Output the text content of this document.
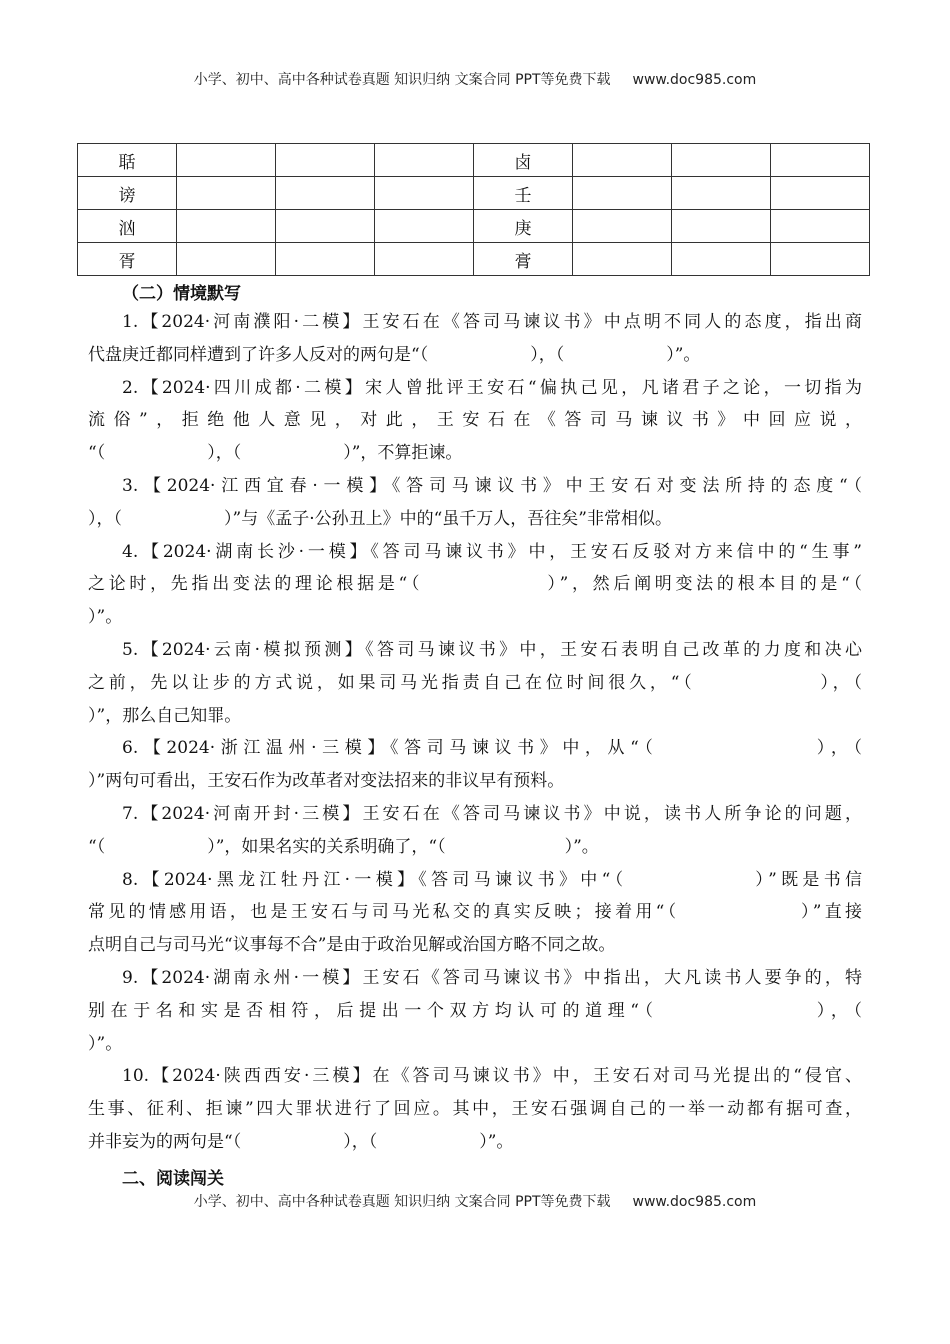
小学、初中、高中各种试卷真题 知识归纳 文案合同 PPT等免费下载 www.doc985.com
聒				卤			
谤				壬			
汹				庚			
胥				膏			
（二）情境默写
1.【2024·河南濮阳·二模】王安石在《答司马谏议书》中点明不同人的态度，指出商
代盘庚迁都同样遭到了许多人反对的两句是“（　　　　　　），（　　　　　　）”。
2.【2024·四川成都·二模】宋人曾批评王安石“偏执己见，凡诸君子之论，一切指为
流俗”，拒绝他人意见，对此，王安石在《答司马谏议书》中回应说，
“（　　　　　　），（　　　　　　）”，不算拒谏。
3.【2024·江西宜春·一模】《答司马谏议书》中王安石对变法所持的态度“（
），（　　　　　　）”与《孟子·公孙丑上》中的“虽千万人，吾往矣”非常相似。
4.【2024·湖南长沙·一模】《答司马谏议书》中，王安石反驳对方来信中的“生事”
之论时，先指出变法的理论根据是“（　　　　　　）”，然后阐明变法的根本目的是“（
）”。
5.【2024·云南·模拟预测】《答司马谏议书》中，王安石表明自己改革的力度和决心
之前，先以让步的方式说，如果司马光指责自己在位时间很久，“（　　　　　　），（
）”，那么自己知罪。
6.【2024·浙江温州·三模】《答司马谏议书》中，从“（　　　　　　　），（
）”两句可看出，王安石作为改革者对变法招来的非议早有预料。
7.【2024·河南开封·三模】王安石在《答司马谏议书》中说，读书人所争论的问题，
“（　　　　　　）”，如果名实的关系明确了，“（　　　　　　　）”。
8.【2024·黑龙江牡丹江·一模】《答司马谏议书》中“（　　　　　　）”既是书信
常见的情感用语，也是王安石与司马光私交的真实反映；接着用“（　　　　　　）”直接
点明自己与司马光“议事每不合”是由于政治见解或治国方略不同之故。
9.【2024·湖南永州·一模】王安石《答司马谏议书》中指出，大凡读书人要争的，特
别在于名和实是否相符，后提出一个双方均认可的道理“（　　　　　　　），（
）”。
10.【2024·陕西西安·三模】在《答司马谏议书》中，王安石对司马光提出的“侵官、
生事、征利、拒谏”四大罪状进行了回应。其中，王安石强调自己的一举一动都有据可查，
并非妄为的两句是“（　　　　　　），（　　　　　　）”。
二、阅读闯关
小学、初中、高中各种试卷真题 知识归纳 文案合同 PPT等免费下载 www.doc985.com
